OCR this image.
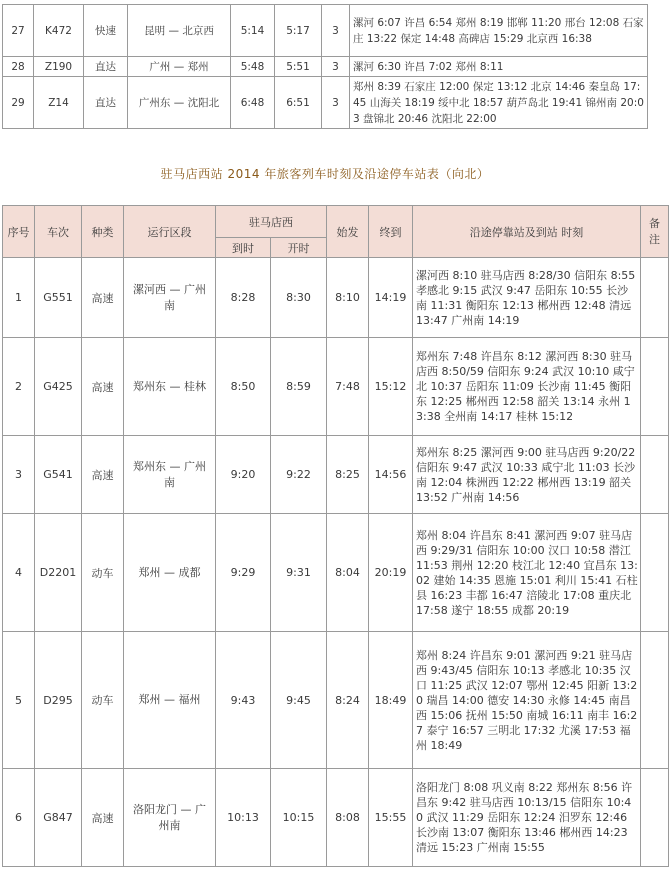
27	K472	快速	昆明 — 北京西	5:14	5:17	3	漯河 6:07 许昌 6:54 郑州 8:19 邯郸 11:20 邢台 12:08 石家庄 13:22 保定 14:48 高碑店 15:29 北京西 16:38
28	Z190	直达	广州 — 郑州	5:48	5:51	3	漯河 6:30 许昌 7:02 郑州 8:11
29	Z14	直达	广州东 — 沈阳北	6:48	6:51	3	郑州 8:39 石家庄 12:00 保定 13:12 北京 14:46 秦皇岛 17:45 山海关 18:19 绥中北 18:57 葫芦岛北 19:41 锦州南 20:03 盘锦北 20:46 沈阳北 22:00
驻马店西站 2014 年旅客列车时刻及沿途停车站表（向北）
序号	车次	种类	运行区段	驻马店西		始发	终到	沿途停靠站及到站 时刻	备注
				到时	开时				
1	G551	高速	漯河西 — 广州南	8:28	8:30	8:10	14:19	漯河西 8:10 驻马店西 8:28/30 信阳东 8:55 孝感北 9:15 武汉 9:47 岳阳东 10:55 长沙南 11:31 衡阳东 12:13 郴州西 12:48 清远 13:47 广州南 14:19	
2	G425	高速	郑州东 — 桂林	8:50	8:59	7:48	15:12	郑州东 7:48 许昌东 8:12 漯河西 8:30 驻马店西 8:50/59 信阳东 9:24 武汉 10:10 咸宁北 10:37 岳阳东 11:09 长沙南 11:45 衡阳东 12:25 郴州西 12:58 韶关 13:14 永州 13:38 全州南 14:17 桂林 15:12	
3	G541	高速	郑州东 — 广州南	9:20	9:22	8:25	14:56	郑州东 8:25 漯河西 9:00 驻马店西 9:20/22 信阳东 9:47 武汉 10:33 咸宁北 11:03 长沙南 12:04 株洲西 12:22 郴州西 13:19 韶关 13:52 广州南 14:56	
4	D2201	动车	郑州 — 成都	9:29	9:31	8:04	20:19	郑州 8:04 许昌东 8:41 漯河西 9:07 驻马店西 9:29/31 信阳东 10:00 汉口 10:58 潜江 11:53 荆州 12:20 枝江北 12:40 宜昌东 13:02 建始 14:35 恩施 15:01 利川 15:41 石柱县 16:23 丰都 16:47 涪陵北 17:08 重庆北 17:58 遂宁 18:55 成都 20:19	
5	D295	动车	郑州 — 福州	9:43	9:45	8:24	18:49	郑州 8:24 许昌东 9:01 漯河西 9:21 驻马店西 9:43/45 信阳东 10:13 孝感北 10:35 汉口 11:25 武汉 12:07 鄂州 12:45 阳新 13:20 瑞昌 14:00 德安 14:30 永修 14:45 南昌西 15:06 抚州 15:50 南城 16:11 南丰 16:27 泰宁 16:57 三明北 17:32 尤溪 17:53 福州 18:49	
6	G847	高速	洛阳龙门 — 广州南	10:13	10:15	8:08	15:55	洛阳龙门 8:08 巩义南 8:22 郑州东 8:56 许昌东 9:42 驻马店西 10:13/15 信阳东 10:40 武汉 11:29 岳阳东 12:24 汨罗东 12:46 长沙南 13:07 衡阳东 13:46 郴州西 14:23 清远 15:23 广州南 15:55	
